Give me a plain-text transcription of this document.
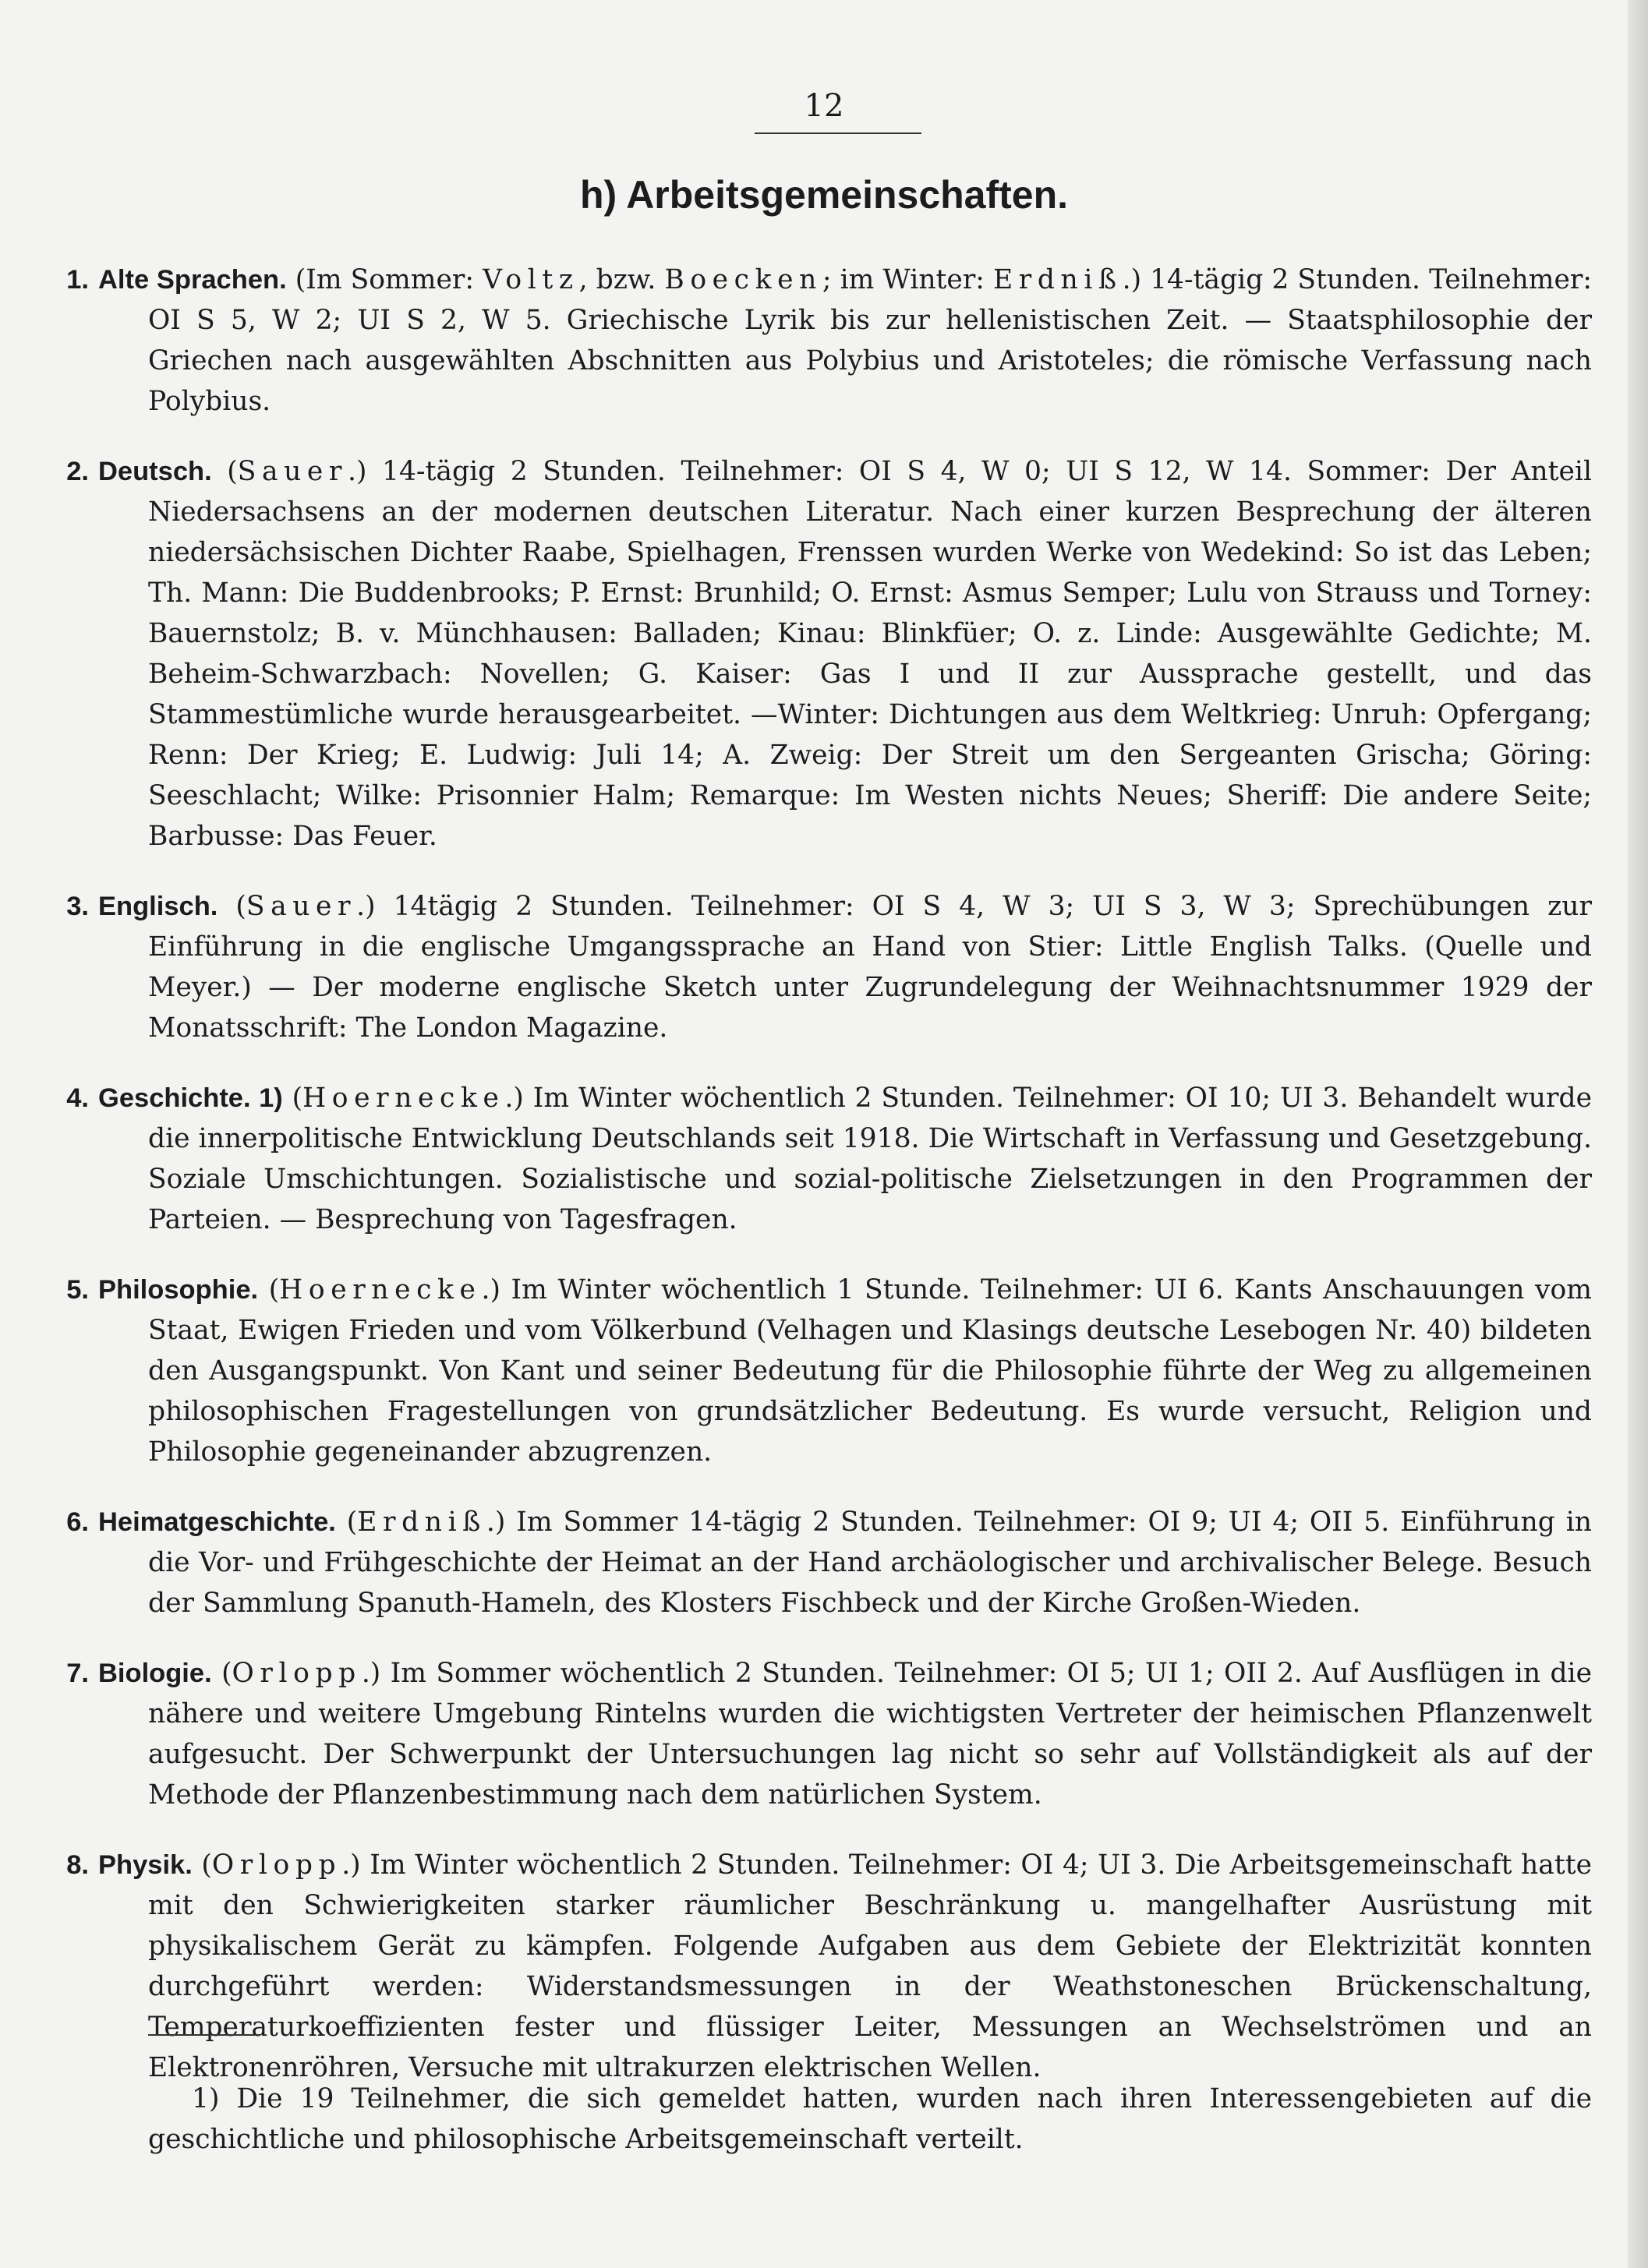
12
h) Arbeitsgemeinschaften.

1. Alte Sprachen. (Im Sommer: Voltz, bzw. Boecken; im Winter: Erdniß.) 14-tägig 2 Stunden. Teilnehmer: OI S 5, W 2; UI S 2, W 5. Griechische Lyrik bis zur hellenistischen Zeit. — Staatsphilosophie der Griechen nach ausgewählten Abschnitten aus Polybius und Aristoteles; die römische Verfassung nach Polybius.

2. Deutsch. (Sauer.) 14-tägig 2 Stunden. Teilnehmer: OI S 4, W 0; UI S 12, W 14. Sommer: Der Anteil Niedersachsens an der modernen deutschen Literatur. Nach einer kurzen Besprechung der älteren niedersächsischen Dichter Raabe, Spielhagen, Frenssen wurden Werke von Wedekind: So ist das Leben; Th. Mann: Die Buddenbrooks; P. Ernst: Brunhild; O. Ernst: Asmus Semper; Lulu von Strauss und Torney: Bauernstolz; B. v. Münchhausen: Balladen; Kinau: Blinkfüer; O. z. Linde: Ausgewählte Gedichte; M. Beheim-Schwarzbach: Novellen; G. Kaiser: Gas I und II zur Aussprache gestellt, und das Stammestümliche wurde herausgearbeitet. —Winter: Dichtungen aus dem Weltkrieg: Unruh: Opfergang; Renn: Der Krieg; E. Ludwig: Juli 14; A. Zweig: Der Streit um den Sergeanten Grischa; Göring: Seeschlacht; Wilke: Prisonnier Halm; Remarque: Im Westen nichts Neues; Sheriff: Die andere Seite; Barbusse: Das Feuer.

3. Englisch. (Sauer.) 14tägig 2 Stunden. Teilnehmer: OI S 4, W 3; UI S 3, W 3; Sprechübungen zur Einführung in die englische Umgangssprache an Hand von Stier: Little English Talks. (Quelle und Meyer.) — Der moderne englische Sketch unter Zugrundelegung der Weihnachtsnummer 1929 der Monatsschrift: The London Magazine.

4. Geschichte. 1) (Hoernecke.) Im Winter wöchentlich 2 Stunden. Teilnehmer: OI 10; UI 3. Behandelt wurde die innerpolitische Entwicklung Deutschlands seit 1918. Die Wirtschaft in Verfassung und Gesetzgebung. Soziale Umschichtungen. Sozialistische und sozial-politische Zielsetzungen in den Programmen der Parteien. — Besprechung von Tagesfragen.

5. Philosophie. (Hoernecke.) Im Winter wöchentlich 1 Stunde. Teilnehmer: UI 6. Kants Anschauungen vom Staat, Ewigen Frieden und vom Völkerbund (Velhagen und Klasings deutsche Lesebogen Nr. 40) bildeten den Ausgangspunkt. Von Kant und seiner Bedeutung für die Philosophie führte der Weg zu allgemeinen philosophischen Fragestellungen von grundsätzlicher Bedeutung. Es wurde versucht, Religion und Philosophie gegeneinander abzugrenzen.

6. Heimatgeschichte. (Erdniß.) Im Sommer 14-tägig 2 Stunden. Teilnehmer: OI 9; UI 4; OII 5. Einführung in die Vor- und Frühgeschichte der Heimat an der Hand archäologischer und archivalischer Belege. Besuch der Sammlung Spanuth-Hameln, des Klosters Fischbeck und der Kirche Großen-Wieden.

7. Biologie. (Orlopp.) Im Sommer wöchentlich 2 Stunden. Teilnehmer: OI 5; UI 1; OII 2. Auf Ausflügen in die nähere und weitere Umgebung Rintelns wurden die wichtigsten Vertreter der heimischen Pflanzenwelt aufgesucht. Der Schwerpunkt der Untersuchungen lag nicht so sehr auf Vollständigkeit als auf der Methode der Pflanzenbestimmung nach dem natürlichen System.

8. Physik. (Orlopp.) Im Winter wöchentlich 2 Stunden. Teilnehmer: OI 4; UI 3. Die Arbeitsgemeinschaft hatte mit den Schwierigkeiten starker räumlicher Beschränkung u. mangelhafter Ausrüstung mit physikalischem Gerät zu kämpfen. Folgende Aufgaben aus dem Gebiete der Elektrizität konnten durchgeführt werden: Widerstandsmessungen in der Weathstoneschen Brückenschaltung, Temperaturkoeffizienten fester und flüssiger Leiter, Messungen an Wechselströmen und an Elektronenröhren, Versuche mit ultrakurzen elektrischen Wellen.

1) Die 19 Teilnehmer, die sich gemeldet hatten, wurden nach ihren Interessengebieten auf die geschichtliche und philosophische Arbeitsgemeinschaft verteilt.
